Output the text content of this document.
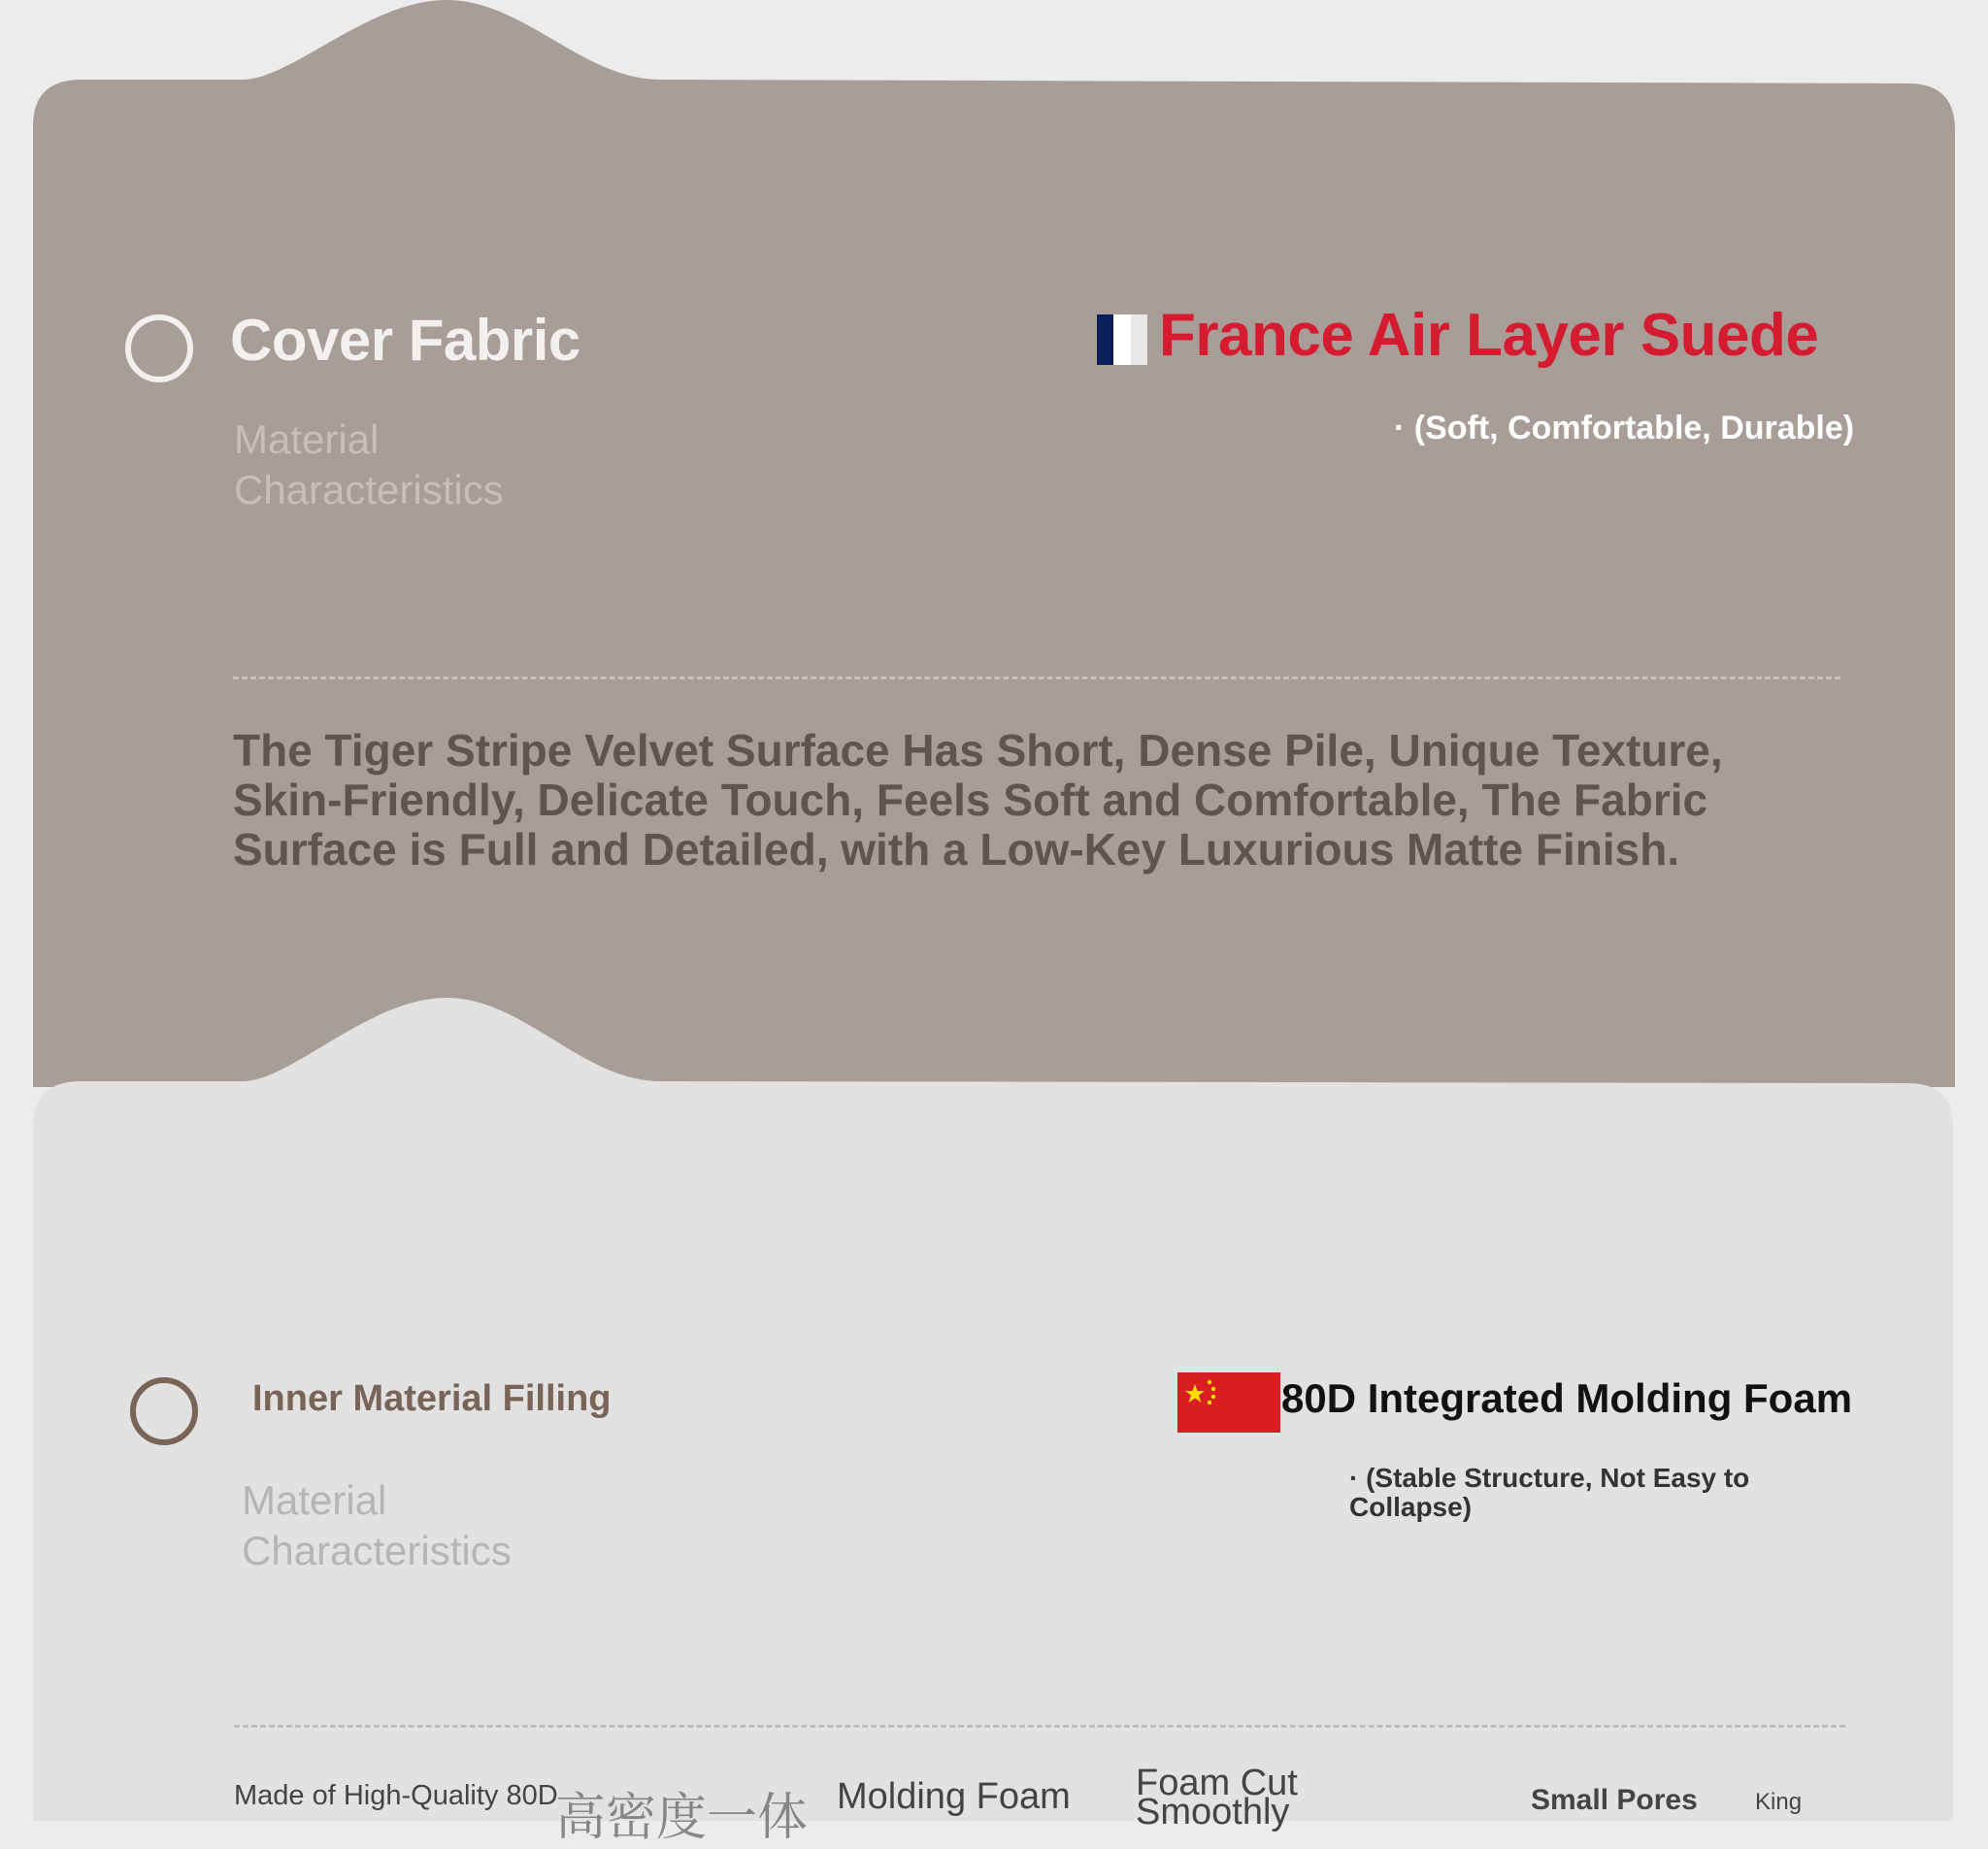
Cover Fabric
Material Characteristics
France Air Layer Suede
· (Soft, Comfortable, Durable)
The Tiger Stripe Velvet Surface Has Short, Dense Pile, Unique Texture, Skin-Friendly, Delicate Touch, Feels Soft and Comfortable, The Fabric Surface is Full and Detailed, with a Low-Key Luxurious Matte Finish.
Inner Material Filling
Material Characteristics
80D Integrated Molding Foam
· (Stable Structure, Not Easy to Collapse)
Made of High-Quality 80D
高密度一体 Molding Foam Foam Cut
Smoothly	Small Pores King
